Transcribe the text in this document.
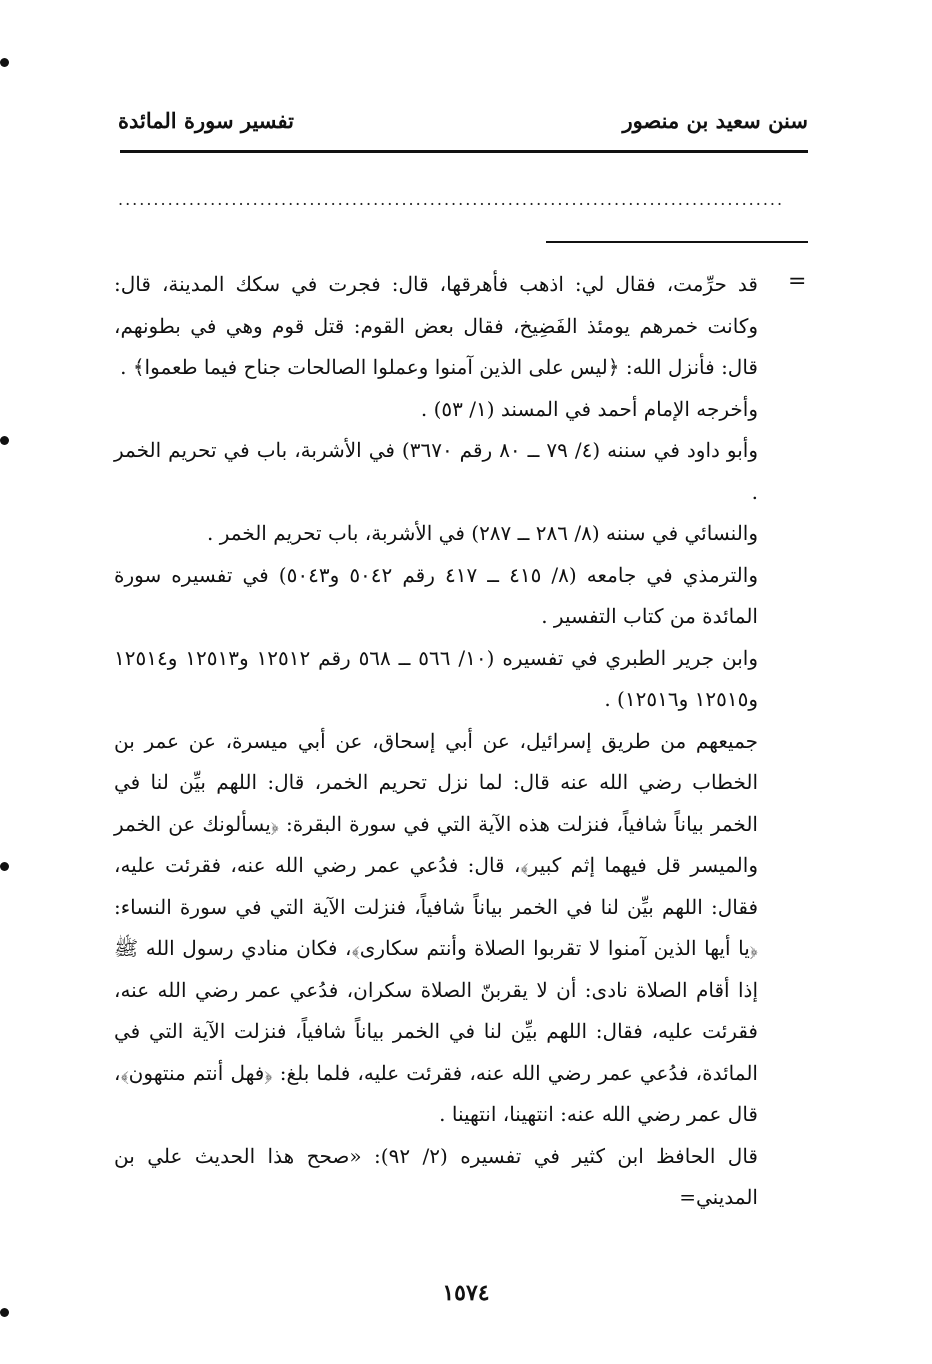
سنن سعيد بن منصور
تفسير سورة المائدة
..............................................................................................
=

قد حرِّمت، فقال لي: اذهب فأهرقها، قال: فجرت في سكك المدينة، قال: وكانت خمرهم يومئذ الفَضِيخ، فقال بعض القوم: قتل قوم وهي في بطونهم، قال: فأنزل الله: ﴿ليس على الذين آمنوا وعملوا الصالحات جناح فيما طعموا﴾ .

وأخرجه الإمام أحمد في المسند (١/ ٥٣) .

وأبو داود في سننه (٤/ ٧٩ ــ ٨٠ رقم ٣٦٧٠) في الأشربة، باب في تحريم الخمر .

والنسائي في سننه (٨/ ٢٨٦ ــ ٢٨٧) في الأشربة، باب تحريم الخمر .

والترمذي في جامعه (٨/ ٤١٥ ــ ٤١٧ رقم ٥٠٤٢ و٥٠٤٣) في تفسيره سورة المائدة من كتاب التفسير .

وابن جرير الطبري في تفسيره (١٠/ ٥٦٦ ــ ٥٦٨ رقم ١٢٥١٢ و١٢٥١٣ و١٢٥١٤ و١٢٥١٥ و١٢٥١٦) .

جميعهم من طريق إسرائيل، عن أبي إسحاق، عن أبي ميسرة، عن عمر بن الخطاب رضي الله عنه قال: لما نزل تحريم الخمر، قال: اللهم بيِّن لنا في الخمر بياناً شافياً، فنزلت هذه الآية التي في سورة البقرة: ﴿يسألونك عن الخمر والميسر قل فيهما إثم كبير﴾، قال: فدُعي عمر رضي الله عنه، فقرئت عليه، فقال: اللهم بيِّن لنا في الخمر بياناً شافياً، فنزلت الآية التي في سورة النساء: ﴿يا أيها الذين آمنوا لا تقربوا الصلاة وأنتم سكارى﴾، فكان منادي رسول الله ﷺ إذا أقام الصلاة نادى: أن لا يقربنّ الصلاة سكران، فدُعي عمر رضي الله عنه، فقرئت عليه، فقال: اللهم بيِّن لنا في الخمر بياناً شافياً، فنزلت الآية التي في المائدة، فدُعي عمر رضي الله عنه، فقرئت عليه، فلما بلغ: ﴿فهل أنتم منتهون﴾، قال عمر رضي الله عنه: انتهينا، انتهينا .

قال الحافظ ابن كثير في تفسيره (٢/ ٩٢): «صحح هذا الحديث علي بن المديني=

١٥٧٤
